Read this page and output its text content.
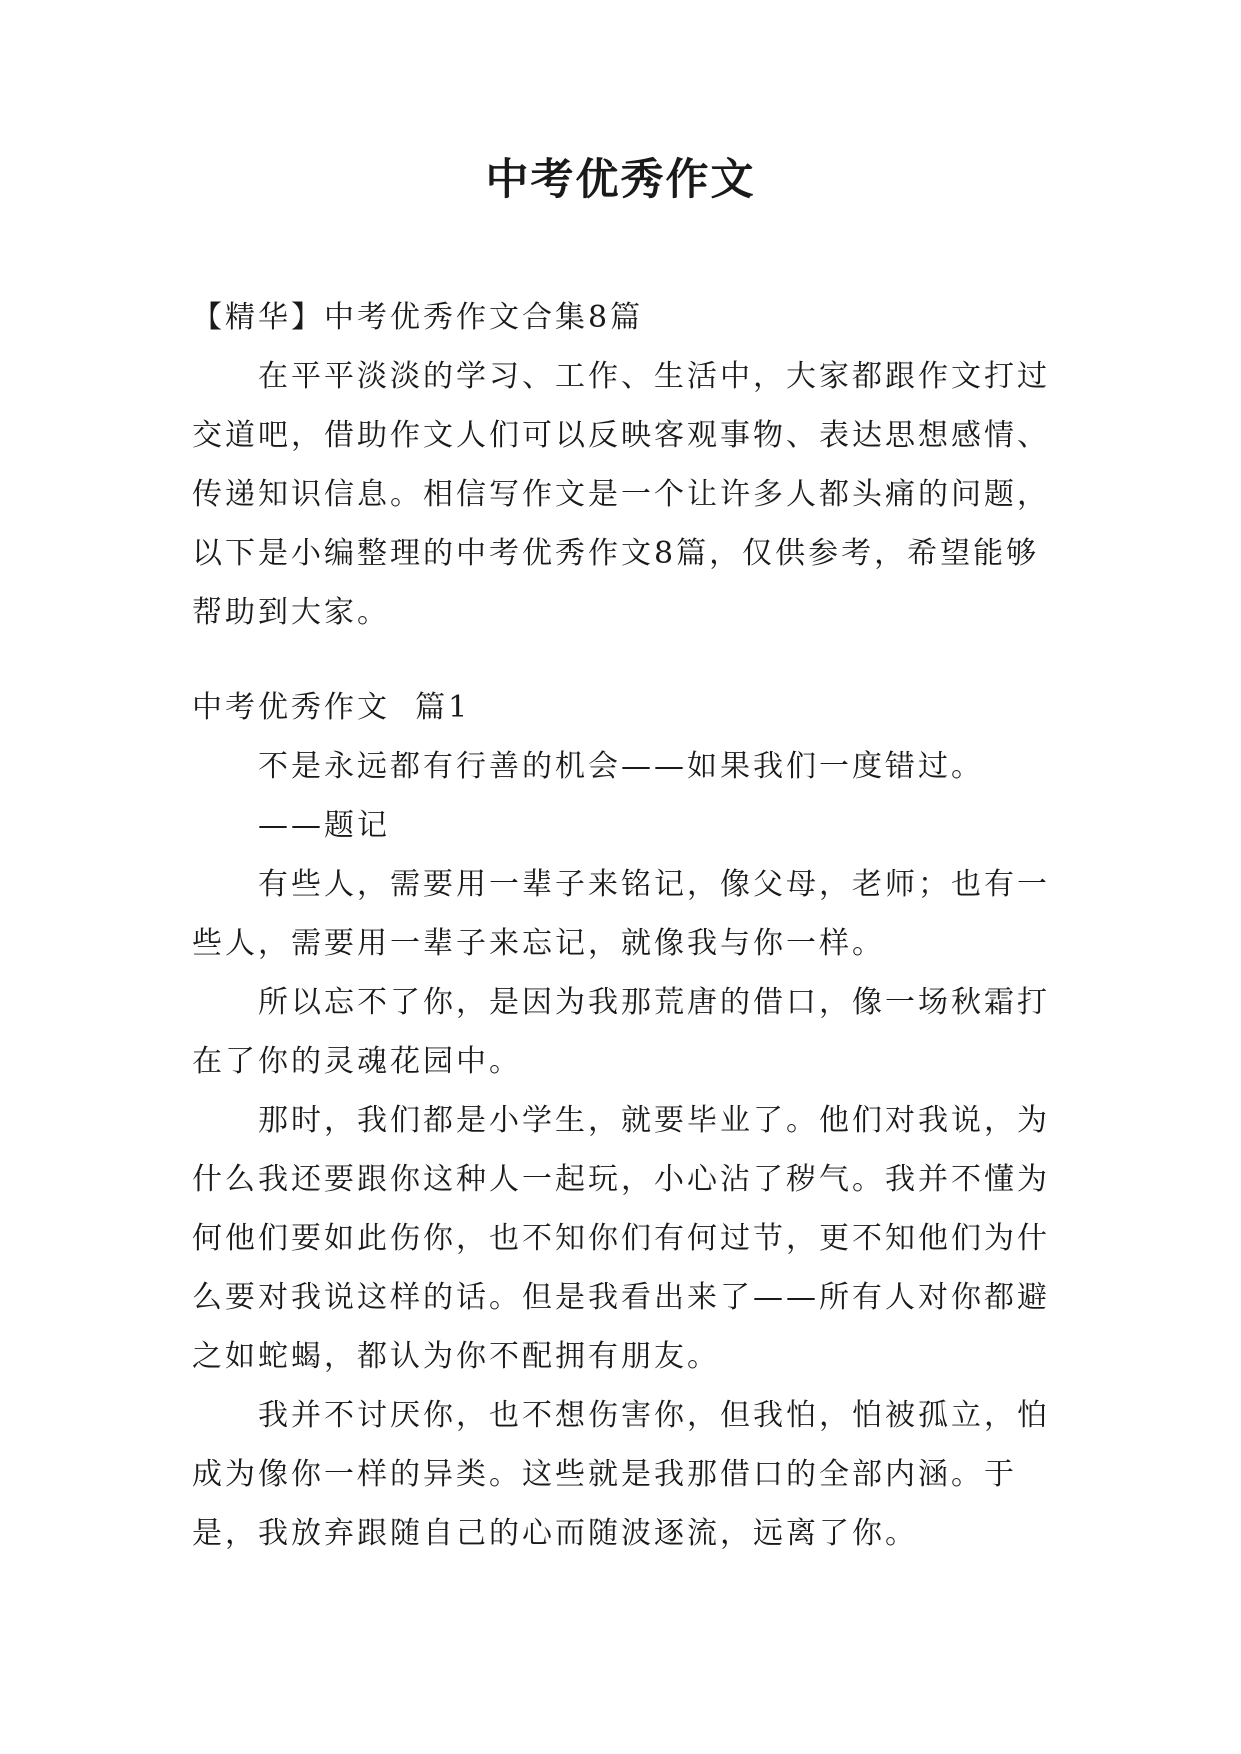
中考优秀作文

【精华】中考优秀作文合集8篇

在平平淡淡的学习、工作、生活中，大家都跟作文打过交道吧，借助作文人们可以反映客观事物、表达思想感情、传递知识信息。相信写作文是一个让许多人都头痛的问题，以下是小编整理的中考优秀作文8篇，仅供参考，希望能够帮助到大家。

中考优秀作文  篇1

不是永远都有行善的机会——如果我们一度错过。

——题记

有些人，需要用一辈子来铭记，像父母，老师；也有一些人，需要用一辈子来忘记，就像我与你一样。

所以忘不了你，是因为我那荒唐的借口，像一场秋霜打在了你的灵魂花园中。

那时，我们都是小学生，就要毕业了。他们对我说，为什么我还要跟你这种人一起玩，小心沾了秽气。我并不懂为何他们要如此伤你，也不知你们有何过节，更不知他们为什么要对我说这样的话。但是我看出来了——所有人对你都避之如蛇蝎，都认为你不配拥有朋友。

我并不讨厌你，也不想伤害你，但我怕，怕被孤立，怕成为像你一样的异类。这些就是我那借口的全部内涵。于是，我放弃跟随自己的心而随波逐流，远离了你。
